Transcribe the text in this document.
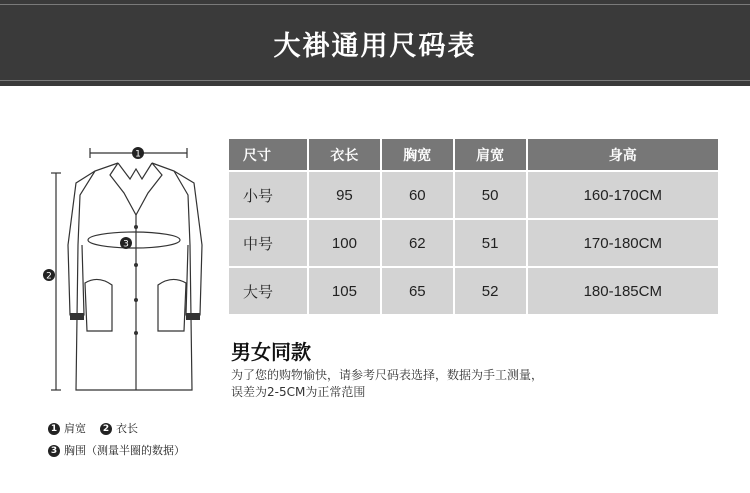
大褂通用尺码表
1
2
3
1 肩宽	2 衣长
3 胸围（测量半圈的数据）
尺寸	衣长	胸宽	肩宽	身高
小号	95	60	50	160-170CM
中号	100	62	51	170-180CM
大号	105	65	52	180-185CM
男女同款
为了您的购物愉快，请参考尺码表选择，数据为手工测量，
误差为2-5CM为正常范围
